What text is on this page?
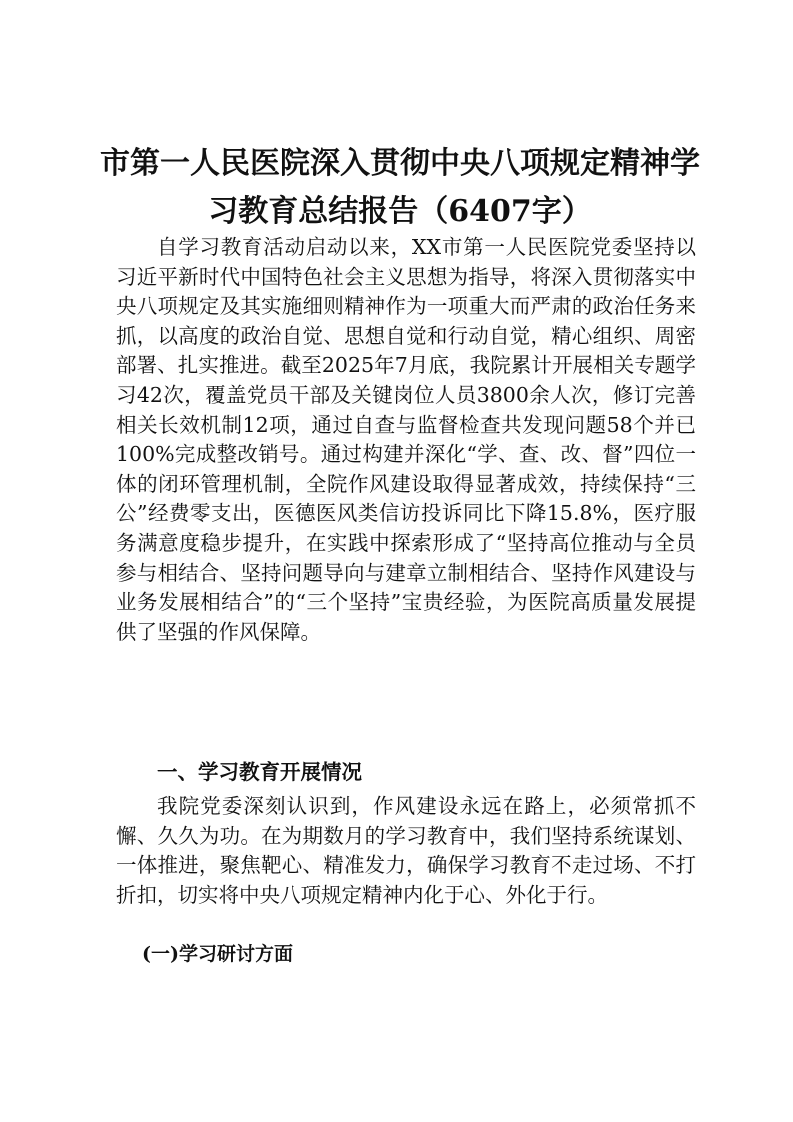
市第一人民医院深入贯彻中央八项规定精神学习教育总结报告（6407字）

自学习教育活动启动以来，XX市第一人民医院党委坚持以习近平新时代中国特色社会主义思想为指导，将深入贯彻落实中央八项规定及其实施细则精神作为一项重大而严肃的政治任务来抓，以高度的政治自觉、思想自觉和行动自觉，精心组织、周密部署、扎实推进。截至2025年7月底，我院累计开展相关专题学习42次，覆盖党员干部及关键岗位人员3800余人次，修订完善相关长效机制12项，通过自查与监督检查共发现问题58个并已100%完成整改销号。通过构建并深化“学、查、改、督”四位一体的闭环管理机制，全院作风建设取得显著成效，持续保持“三公”经费零支出，医德医风类信访投诉同比下降15.8%，医疗服务满意度稳步提升，在实践中探索形成了“坚持高位推动与全员参与相结合、坚持问题导向与建章立制相结合、坚持作风建设与业务发展相结合”的“三个坚持”宝贵经验，为医院高质量发展提供了坚强的作风保障。

一、学习教育开展情况

我院党委深刻认识到，作风建设永远在路上，必须常抓不懈、久久为功。在为期数月的学习教育中，我们坚持系统谋划、一体推进，聚焦靶心、精准发力，确保学习教育不走过场、不打折扣，切实将中央八项规定精神内化于心、外化于行。

(一)学习研讨方面
